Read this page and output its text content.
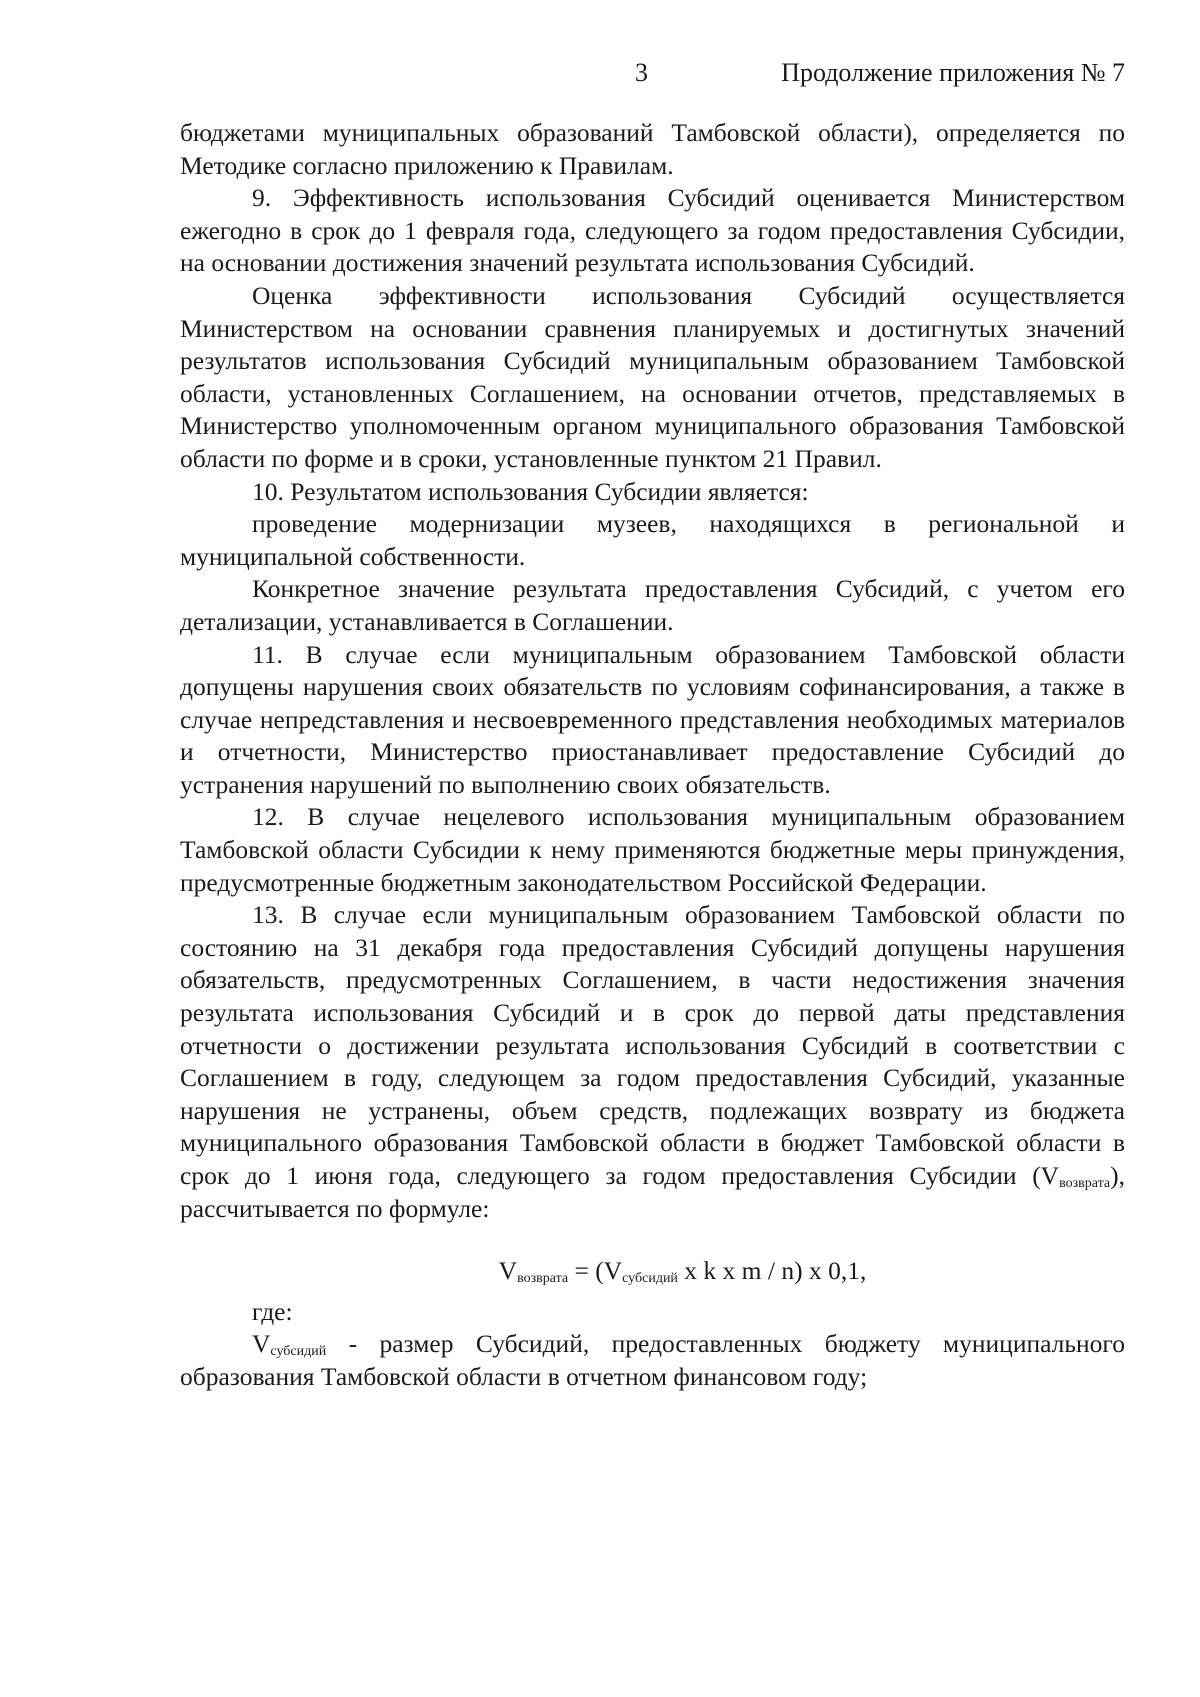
3	Продолжение приложения № 7

бюджетами муниципальных образований Тамбовской области), определяется по Методике согласно приложению к Правилам.

9. Эффективность использования Субсидий оценивается Министерством ежегодно в срок до 1 февраля года, следующего за годом предоставления Субсидии, на основании достижения значений результата использования Субсидий.

Оценка эффективности использования Субсидий осуществляется Министерством на основании сравнения планируемых и достигнутых значений результатов использования Субсидий муниципальным образованием Тамбовской области, установленных Соглашением, на основании отчетов, представляемых в Министерство уполномоченным органом муниципального образования Тамбовской области по форме и в сроки, установленные пунктом 21 Правил.

10. Результатом использования Субсидии является:

проведение модернизации музеев, находящихся в региональной и муниципальной собственности.

Конкретное значение результата предоставления Субсидий, с учетом его детализации, устанавливается в Соглашении.

11. В случае если муниципальным образованием Тамбовской области допущены нарушения своих обязательств по условиям софинансирования, а также в случае непредставления и несвоевременного представления необходимых материалов и отчетности, Министерство приостанавливает предоставление Субсидий до устранения нарушений по выполнению своих обязательств.

12. В случае нецелевого использования муниципальным образованием Тамбовской области Субсидии к нему применяются бюджетные меры принуждения, предусмотренные бюджетным законодательством Российской Федерации.

13. В случае если муниципальным образованием Тамбовской области по состоянию на 31 декабря года предоставления Субсидий допущены нарушения обязательств, предусмотренных Соглашением, в части недостижения значения результата использования Субсидий и в срок до первой даты представления отчетности о достижении результата использования Субсидий в соответствии с Соглашением в году, следующем за годом предоставления Субсидий, указанные нарушения не устранены, объем средств, подлежащих возврату из бюджета муниципального образования Тамбовской области в бюджет Тамбовской области в срок до 1 июня года, следующего за годом предоставления Субсидии $(V_{возврата})$, рассчитывается по формуле:

$V_{возврата} = (V_{субсидий}$ x k x m / n) x 0,1,

где:

$V_{субсидий}$ - размер Субсидий, предоставленных бюджету муниципального образования Тамбовской области в отчетном финансовом году;
